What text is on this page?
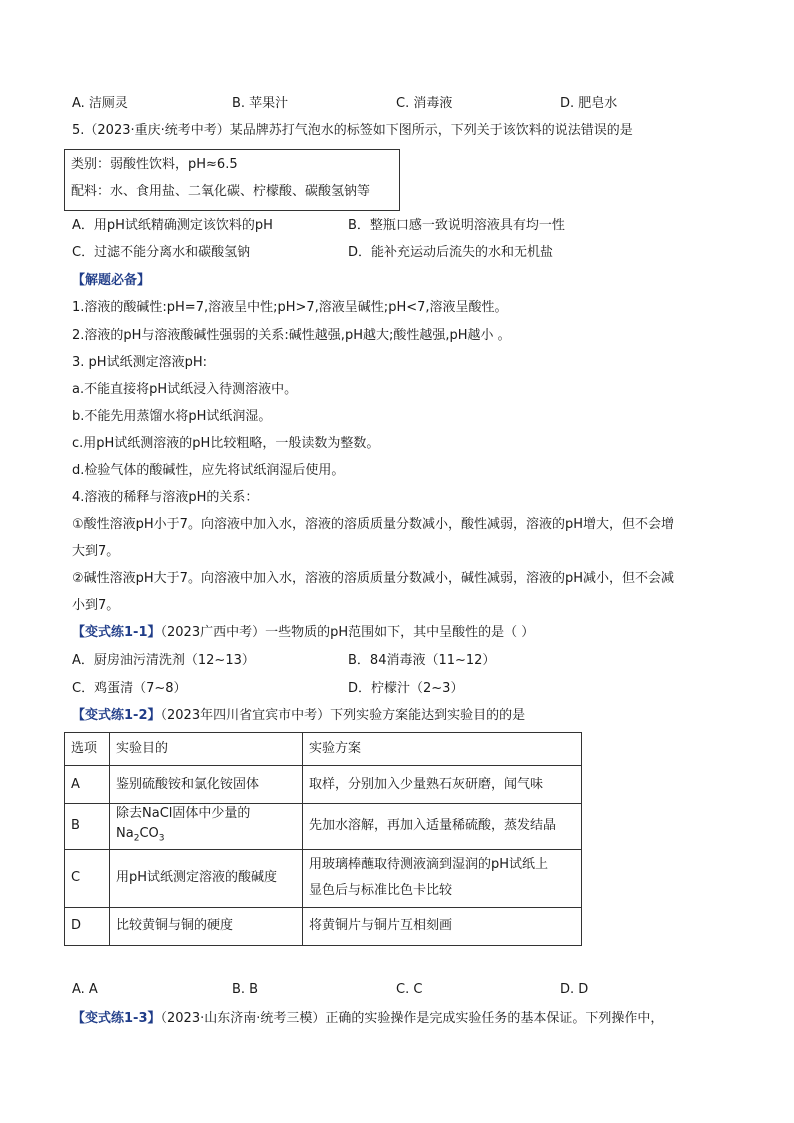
A. 洁厕灵	B. 苹果汁	C. 消毒液	D. 肥皂水
5.（2023·重庆·统考中考）某品牌苏打气泡水的标签如下图所示，下列关于该饮料的说法错误的是
类别：弱酸性饮料，pH≈6.5
配料：水、食用盐、二氧化碳、柠檬酸、碳酸氢钠等
A．用pH试纸精确测定该饮料的pH	B．整瓶口感一致说明溶液具有均一性
C．过滤不能分离水和碳酸氢钠	D．能补充运动后流失的水和无机盐
【解题必备】
1.溶液的酸碱性:pH=7,溶液呈中性;pH>7,溶液呈碱性;pH<7,溶液呈酸性。
2.溶液的pH与溶液酸碱性强弱的关系:碱性越强,pH越大;酸性越强,pH越小 。
3. pH试纸测定溶液pH:
a.不能直接将pH试纸浸入待测溶液中。
b.不能先用蒸馏水将pH试纸润湿。
c.用pH试纸测溶液的pH比较粗略，一般读数为整数。
d.检验气体的酸碱性，应先将试纸润湿后使用。
4.溶液的稀释与溶液pH的关系：
①酸性溶液pH小于7。向溶液中加入水，溶液的溶质质量分数减小，酸性减弱，溶液的pH增大，但不会增
大到7。
②碱性溶液pH大于7。向溶液中加入水，溶液的溶质质量分数减小，碱性减弱，溶液的pH减小，但不会减
小到7。
【变式练1-1】（2023广西中考）一些物质的pH范围如下，其中呈酸性的是（ ）
A．厨房油污清洗剂（12~13）	B．84消毒液（11~12）
C．鸡蛋清（7~8）	D．柠檬汁（2~3）
【变式练1-2】（2023年四川省宜宾市中考）下列实验方案能达到实验目的的是
选项	实验目的	实验方案
A	鉴别硫酸铵和氯化铵固体	取样，分别加入少量熟石灰研磨，闻气味
B	除去NaCl固体中少量的$Na_2CO_3$	先加水溶解，再加入适量稀硫酸，蒸发结晶
C	用pH试纸测定溶液的酸碱度	用玻璃棒蘸取待测液滴到湿润的pH试纸上
显色后与标准比色卡比较

D	比较黄铜与铜的硬度	将黄铜片与铜片互相刻画
A. A	B. B	C. C	D. D
【变式练1-3】（2023·山东济南·统考三模）正确的实验操作是完成实验任务的基本保证。下列操作中，
